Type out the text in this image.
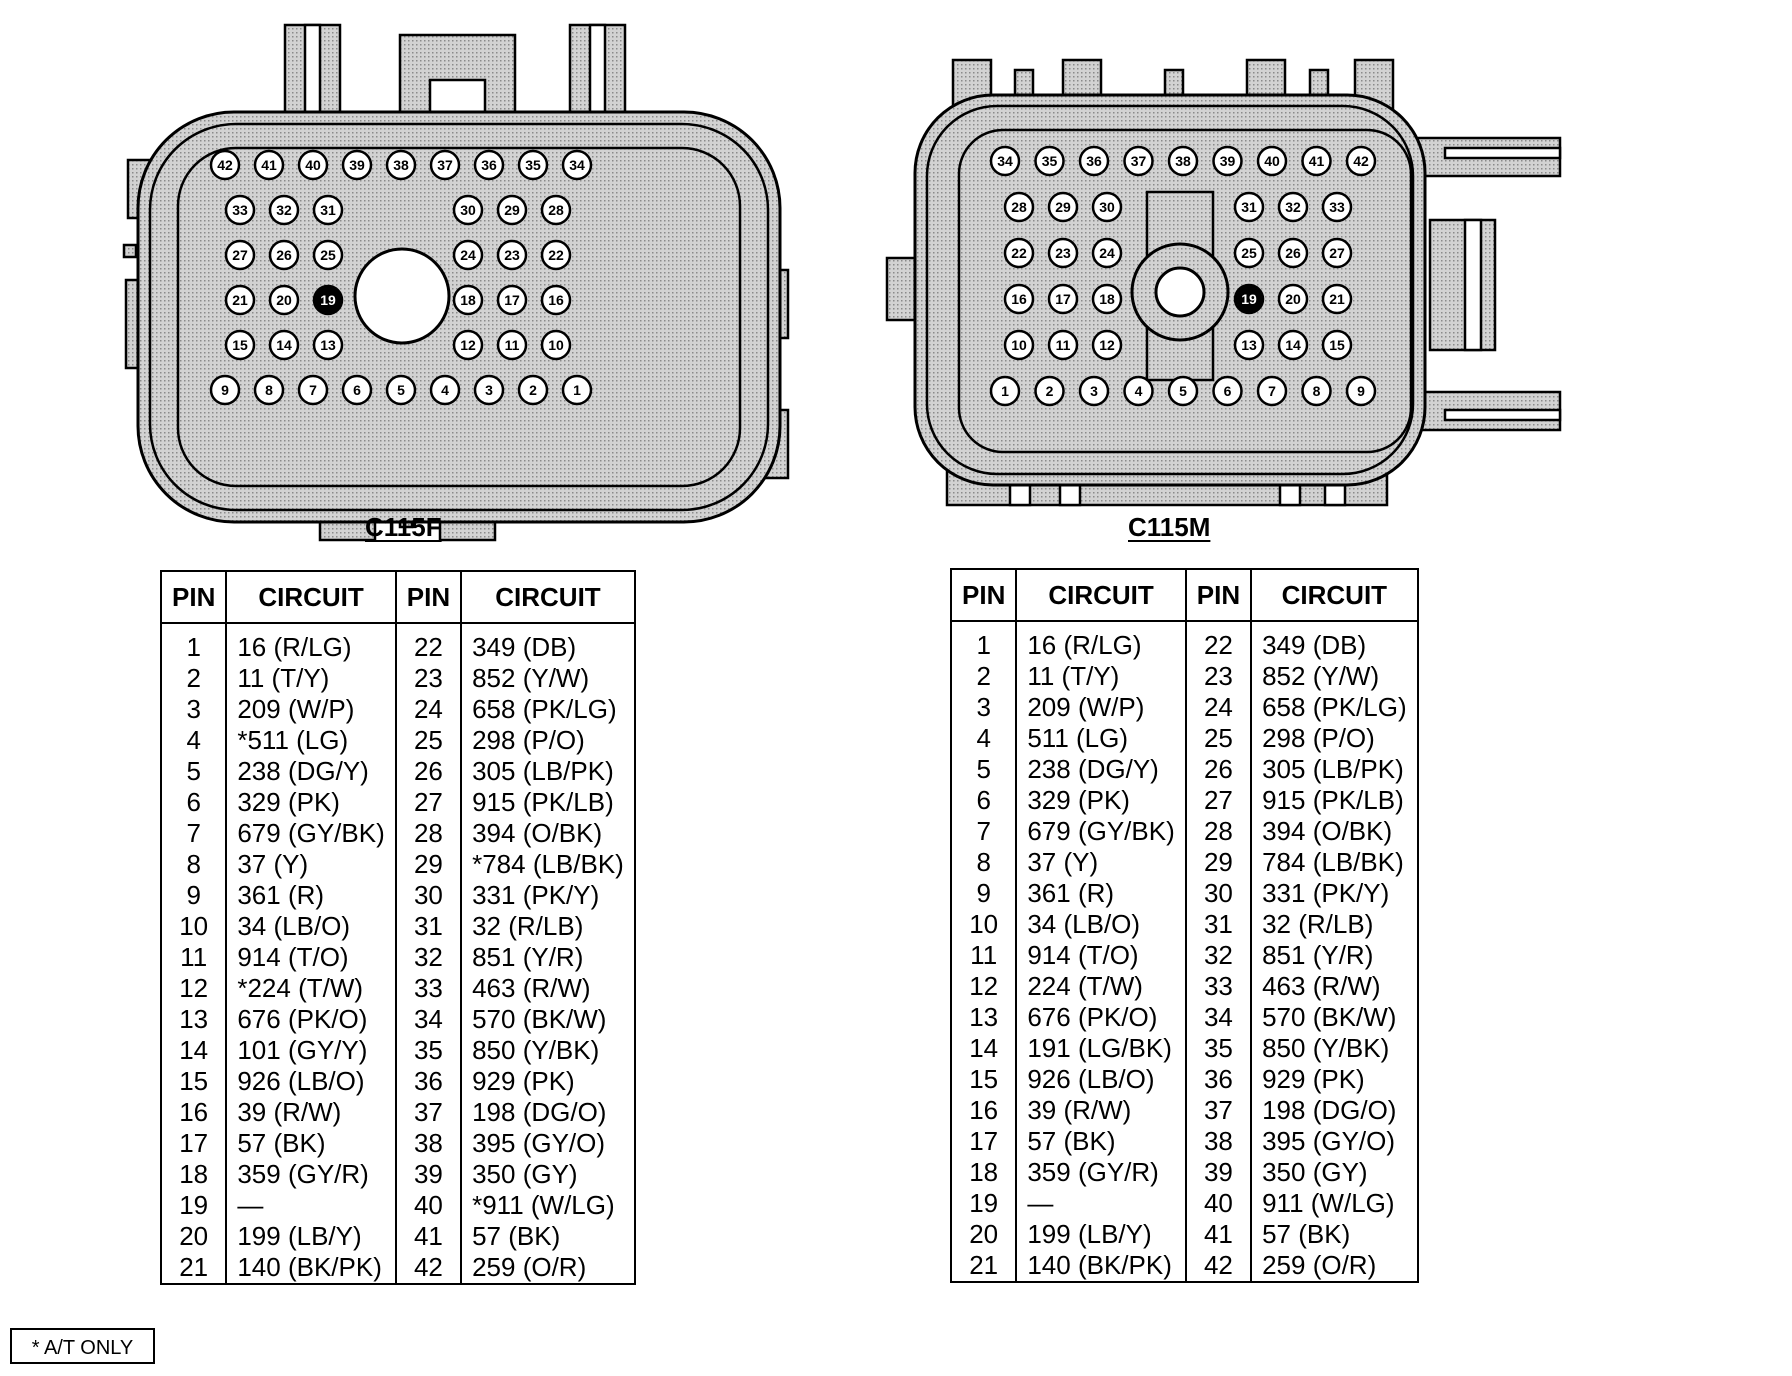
42 41 40 39 38 37 36 35 34
33 32 31	30 29 28
27 26 25	24 23 22
21 20 19	18 17 16
15 14 13	12 11 10
9	8	7	6	5	4	3	2	1
C115F
34 35 36 37 38 39 40 41 42
28 29 30	31 32 33
22 23 24	25 26 27
16 17 18	19 20 21
10 11 12	13 14 15
1	2	3	4	5	6	7	8	9
C115M
PIN	CIRCUIT	PIN	CIRCUIT
1	16 (R/LG)	22	349 (DB)
2	11 (T/Y)	23	852 (Y/W)
3	209 (W/P)	24	658 (PK/LG)
4	*511 (LG)	25	298 (P/O)
5	238 (DG/Y)	26	305 (LB/PK)
6	329 (PK)	27	915 (PK/LB)
7	679 (GY/BK)	28	394 (O/BK)
8	37 (Y)	29	*784 (LB/BK)
9	361 (R)	30	331 (PK/Y)
10	34 (LB/O)	31	32 (R/LB)
11	914 (T/O)	32	851 (Y/R)
12	*224 (T/W)	33	463 (R/W)
13	676 (PK/O)	34	570 (BK/W)
14	101 (GY/Y)	35	850 (Y/BK)
15	926 (LB/O)	36	929 (PK)
16	39 (R/W)	37	198 (DG/O)
17	57 (BK)	38	395 (GY/O)
18	359 (GY/R)	39	350 (GY)
19	—	40	*911 (W/LG)
20	199 (LB/Y)	41	57 (BK)
21	140 (BK/PK)	42	259 (O/R)
PIN	CIRCUIT	PIN	CIRCUIT
1	16 (R/LG)	22	349 (DB)
2	11 (T/Y)	23	852 (Y/W)
3	209 (W/P)	24	658 (PK/LG)
4	511 (LG)	25	298 (P/O)
5	238 (DG/Y)	26	305 (LB/PK)
6	329 (PK)	27	915 (PK/LB)
7	679 (GY/BK)	28	394 (O/BK)
8	37 (Y)	29	784 (LB/BK)
9	361 (R)	30	331 (PK/Y)
10	34 (LB/O)	31	32 (R/LB)
11	914 (T/O)	32	851 (Y/R)
12	224 (T/W)	33	463 (R/W)
13	676 (PK/O)	34	570 (BK/W)
14	191 (LG/BK)	35	850 (Y/BK)
15	926 (LB/O)	36	929 (PK)
16	39 (R/W)	37	198 (DG/O)
17	57 (BK)	38	395 (GY/O)
18	359 (GY/R)	39	350 (GY)
19	—	40	911 (W/LG)
20	199 (LB/Y)	41	57 (BK)
21	140 (BK/PK)	42	259 (O/R)
* A/T ONLY
